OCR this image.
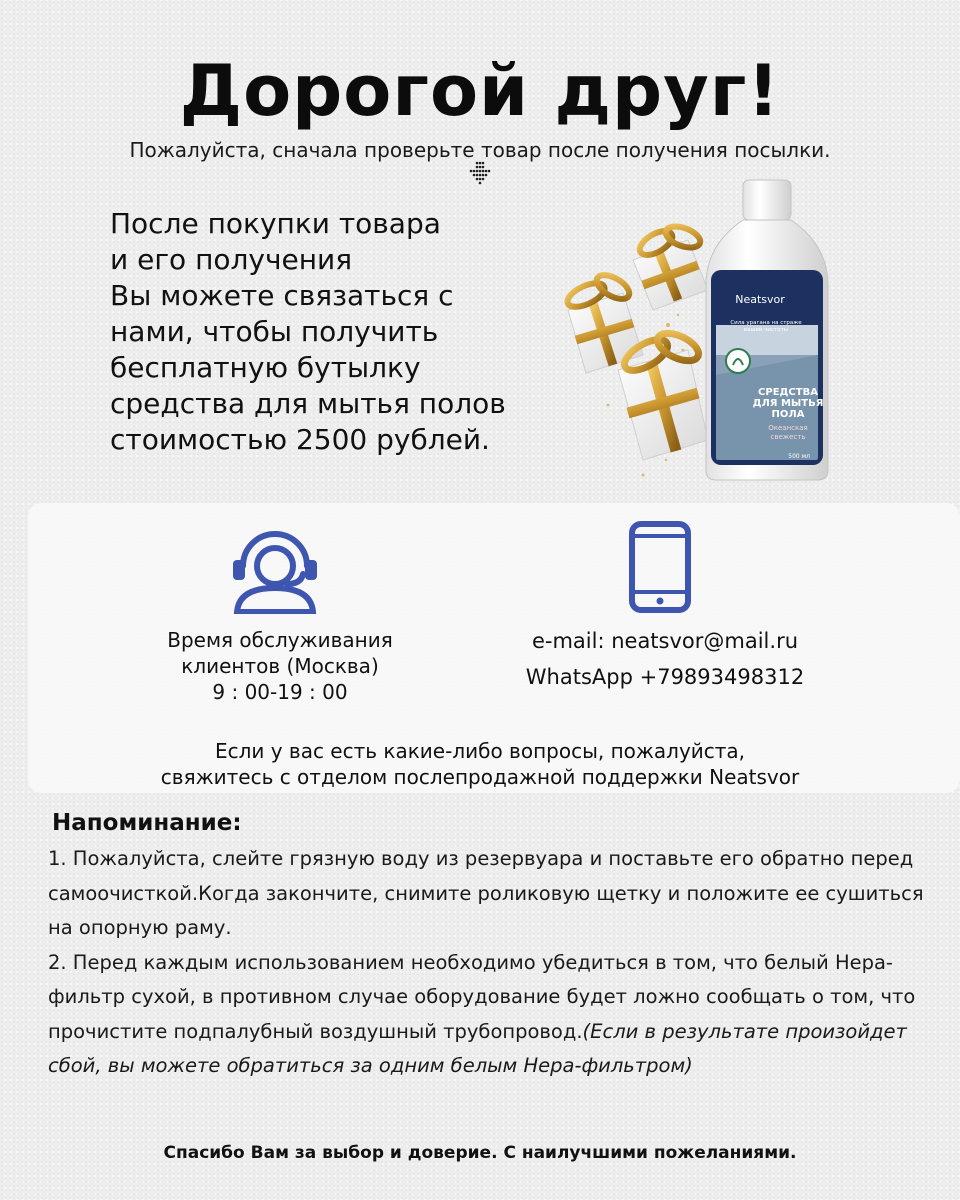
Дорогой друг!
Пожалуйста, сначала проверьте товар после получения посылки.
После покупки товара
и его получения
Вы можете связаться с
нами, чтобы получить
бесплатную бутылку
средства для мытья полов
стоимостью 2500 рублей.
Neatsvor
Сила урагана на страже
вашей чистоты
СРЕДСТВА
ДЛЯ МЫТЬЯ
ПОЛА
Океанская
свежесть
500 мл
Время обслуживания
клиентов (Москва)
9 : 00-19 : 00
e-mail: neatsvor@mail.ru
WhatsApp +79893498312
Если у вас есть какие-либо вопросы, пожалуйста,
свяжитесь с отделом послепродажной поддержки Neatsvor
Напоминание:

1. Пожалуйста, слейте грязную воду из резервуара и поставьте его обратно перед самоочисткой.Когда закончите, снимите роликовую щетку и положите ее сушиться на опорную раму.

2. Перед каждым использованием необходимо убедиться в том, что белый Hepa-фильтр сухой, в противном случае оборудование будет ложно сообщать о том, что прочистите подпалубный воздушный трубопровод.(Если в результате произойдет сбой, вы можете обратиться за одним белым Hepa-фильтром)

Спасибо Вам за выбор и доверие. С наилучшими пожеланиями.
